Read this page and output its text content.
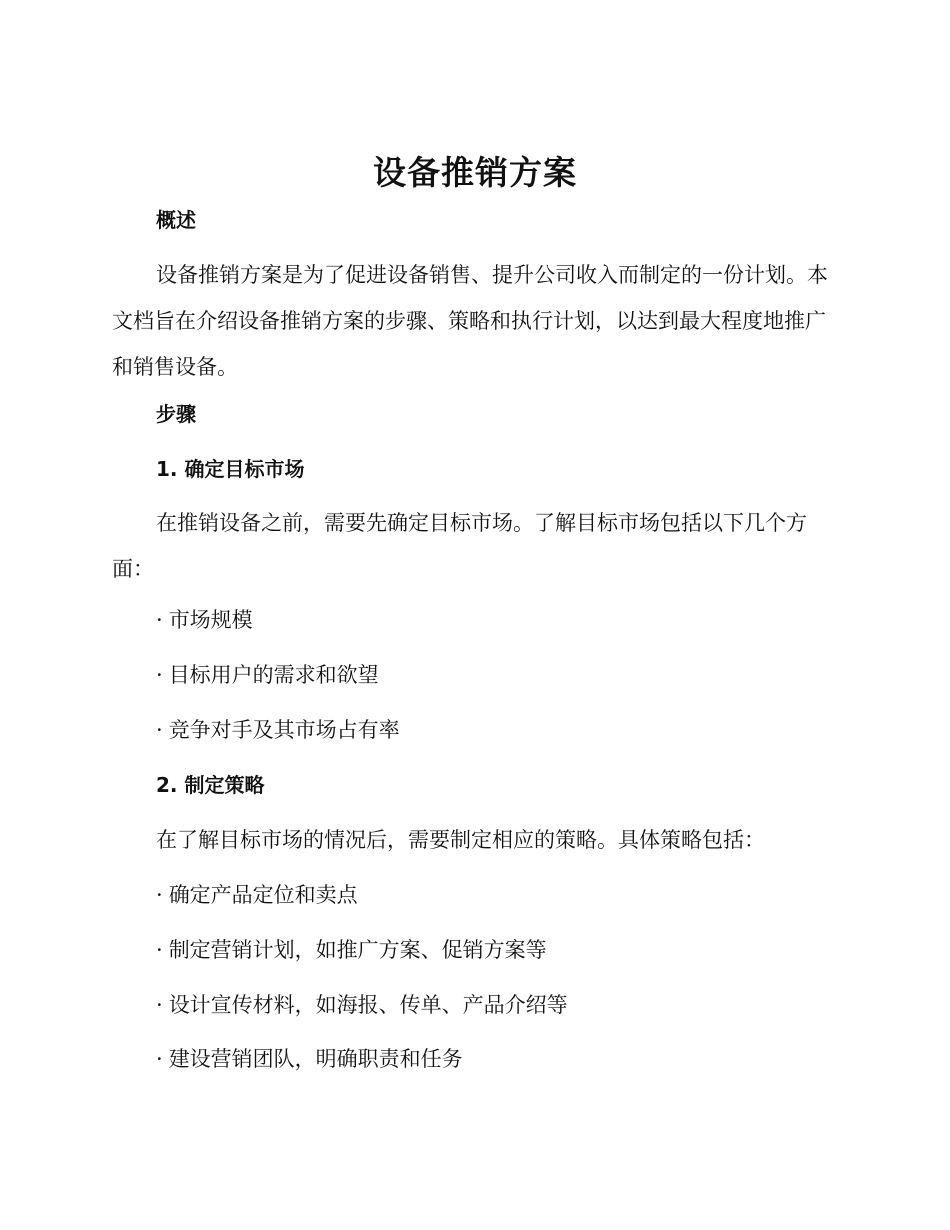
设备推销方案
概述
设备推销方案是为了促进设备销售、提升公司收入而制定的一份计划。本文档旨在介绍设备推销方案的步骤、策略和执行计划，以达到最大程度地推广和销售设备。
步骤
1. 确定目标市场
在推销设备之前，需要先确定目标市场。了解目标市场包括以下几个方面：
· 市场规模
· 目标用户的需求和欲望
· 竞争对手及其市场占有率
2. 制定策略
在了解目标市场的情况后，需要制定相应的策略。具体策略包括：
· 确定产品定位和卖点
· 制定营销计划，如推广方案、促销方案等
· 设计宣传材料，如海报、传单、产品介绍等
· 建设营销团队，明确职责和任务
